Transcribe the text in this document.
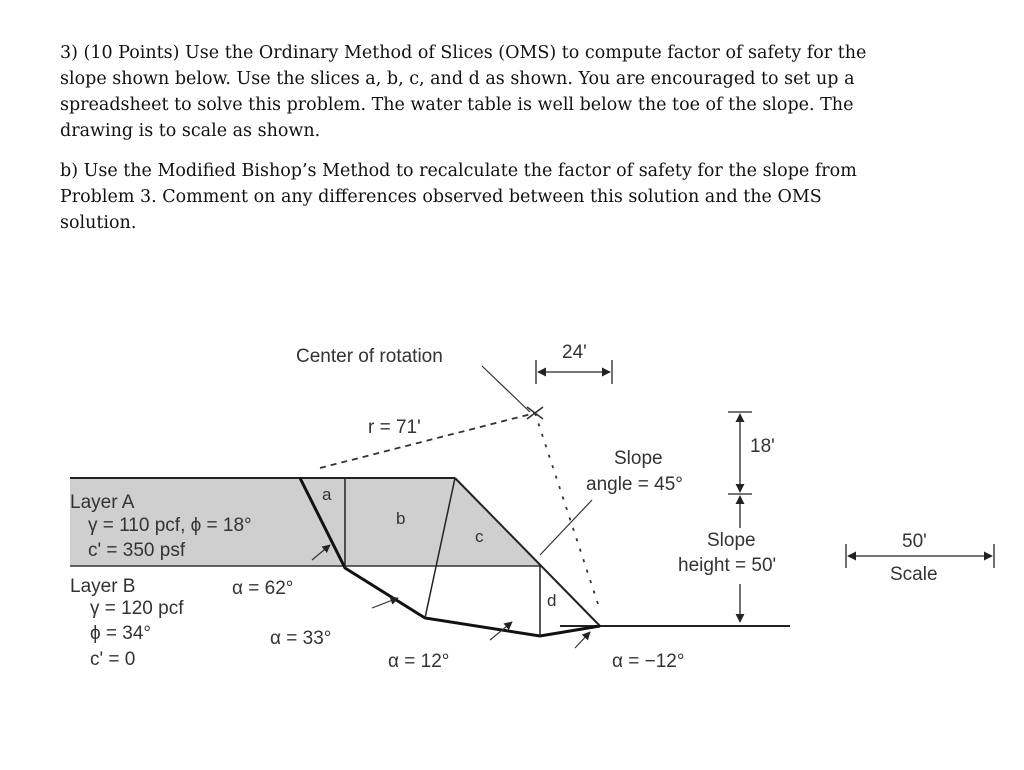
3) (10 Points) Use the Ordinary Method of Slices (OMS) to compute factor of safety for the slope shown below. Use the slices a, b, c, and d as shown. You are encouraged to set up a spreadsheet to solve this problem. The water table is well below the toe of the slope. The drawing is to scale as shown.

b) Use the Modified Bishop’s Method to recalculate the factor of safety for the slope from Problem 3. Comment on any differences observed between this solution and the OMS solution.

Center of rotation
r = 71'
24'
18'
Slope
angle = 45°
Slope
height = 50'
50'
Scale
Layer A
γ = 110 pcf, ϕ = 18°
c' = 350 psf
Layer B
γ = 120 pcf
ϕ = 34°
c' = 0
a
b
c
d
α = 62°
α = 33°
α = 12°	α = −12°
